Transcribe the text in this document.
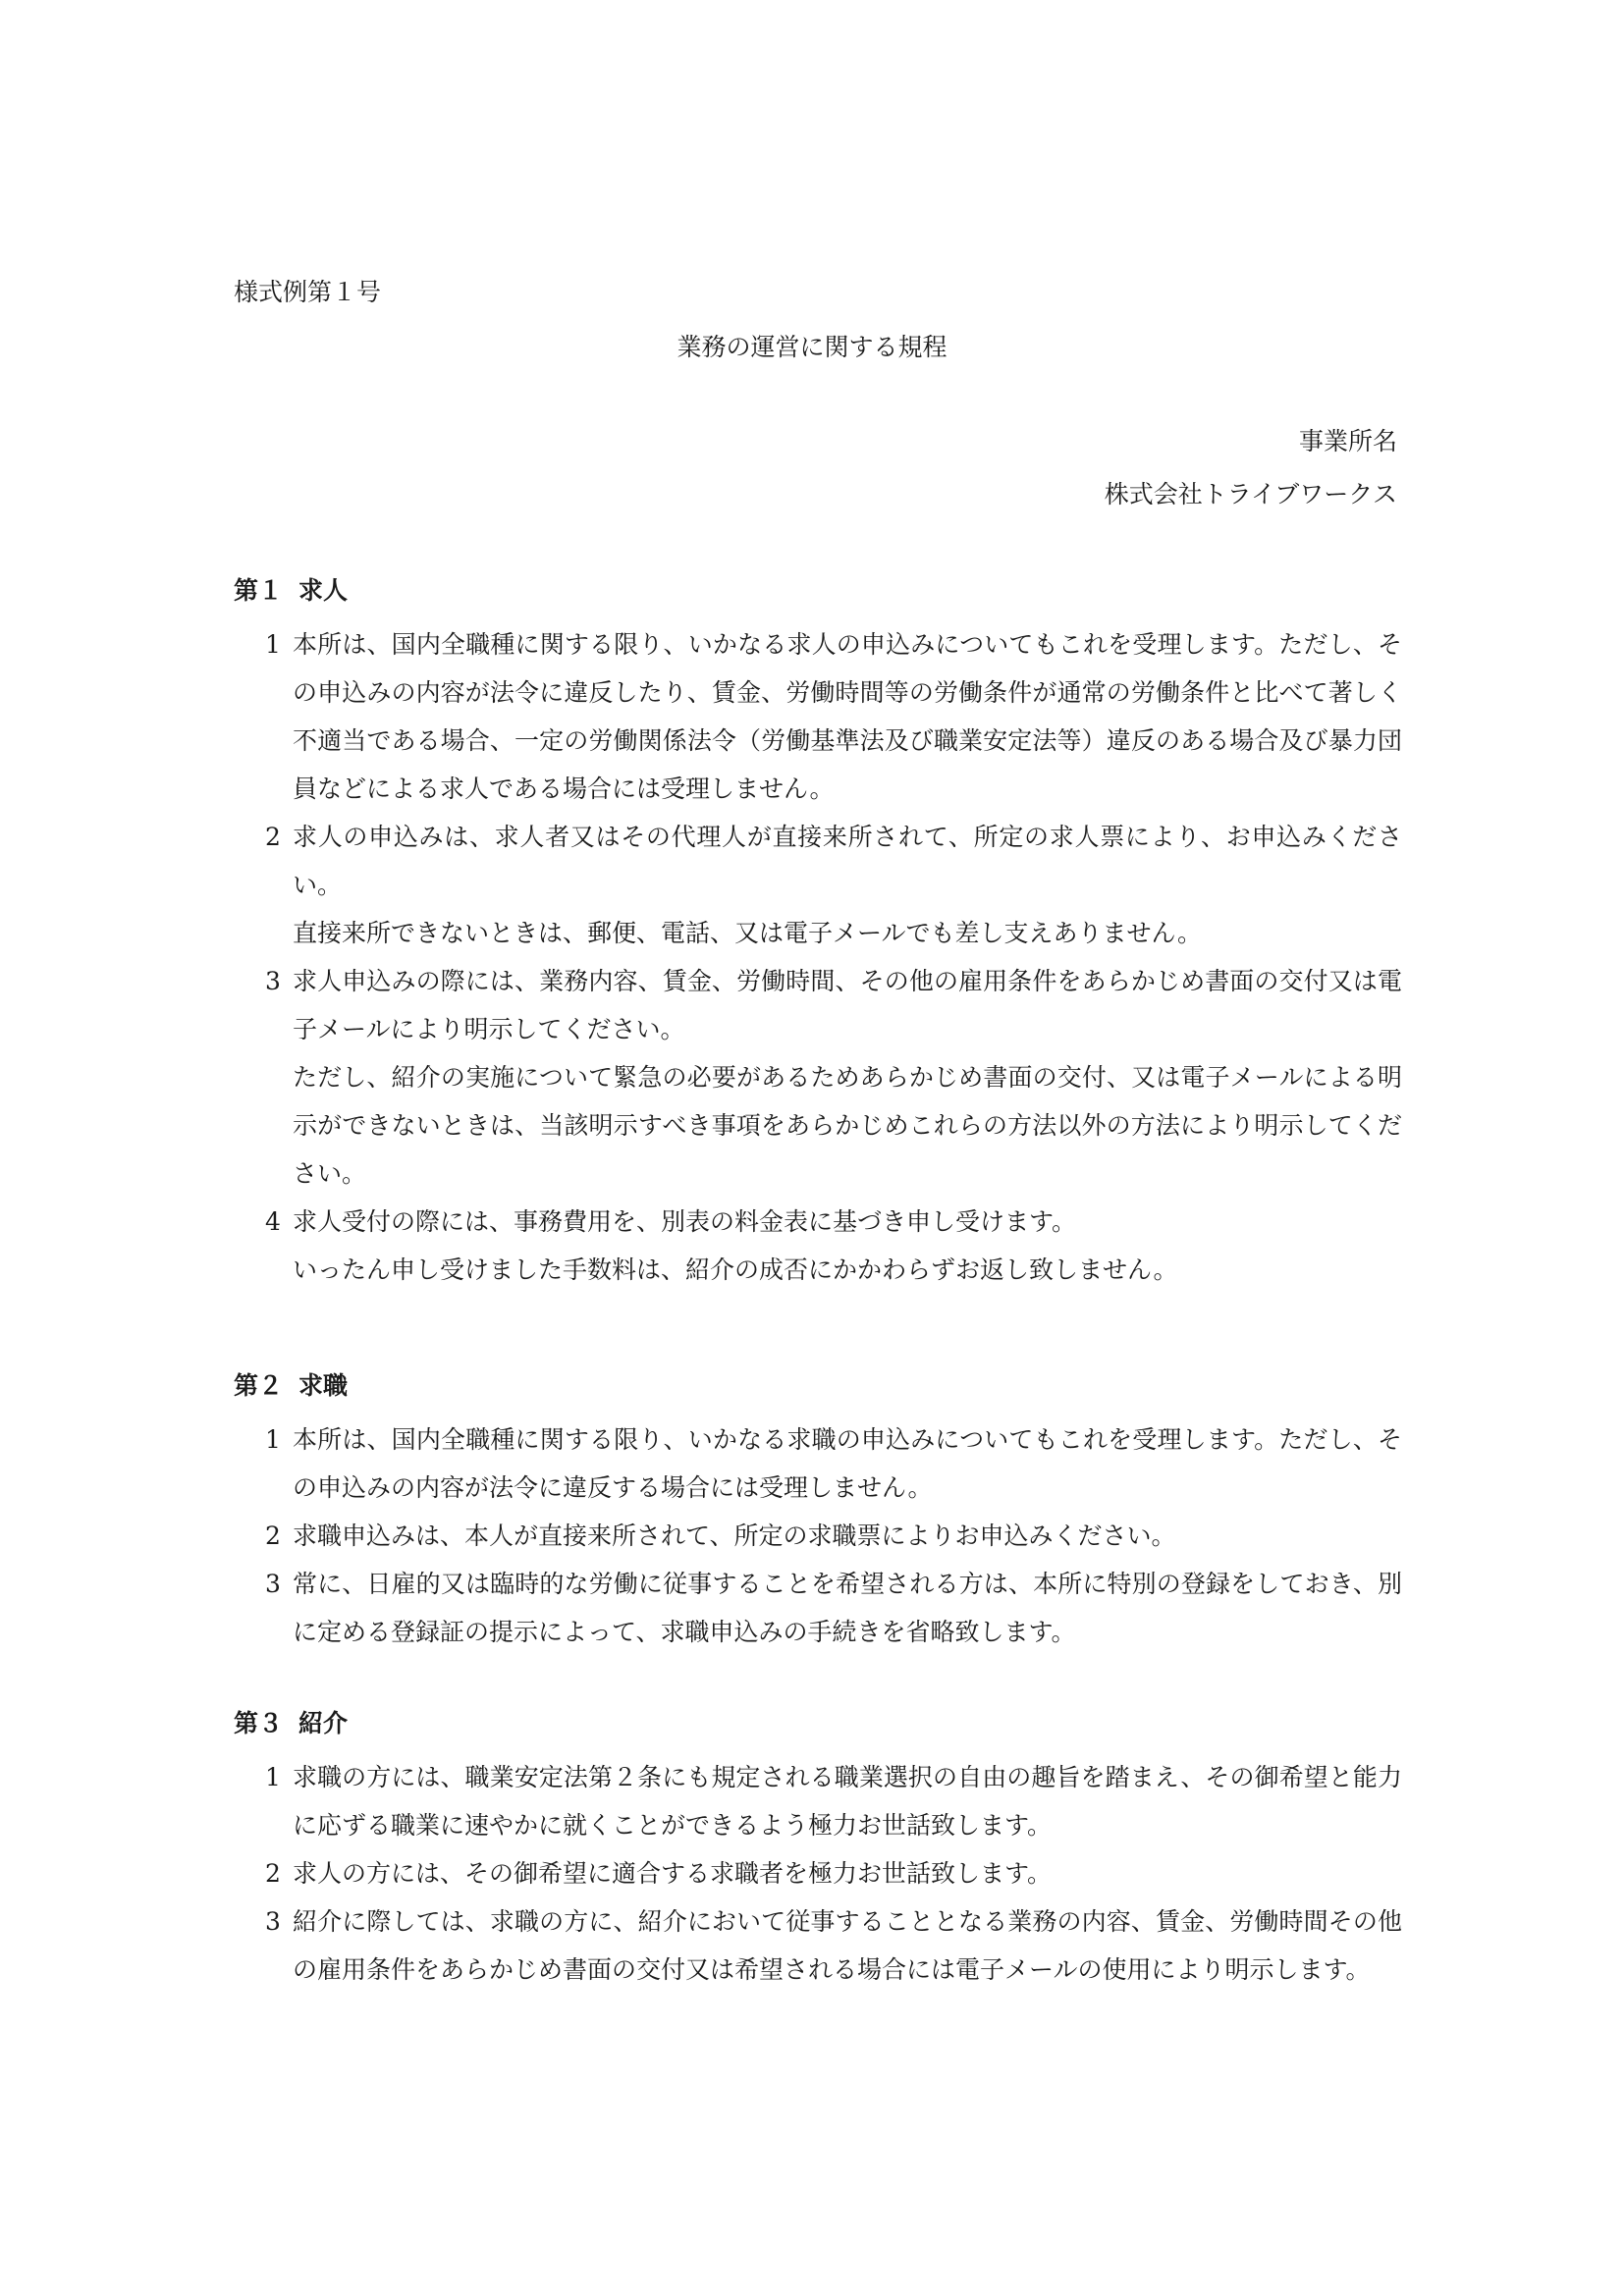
様式例第１号
業務の運営に関する規程
事業所名
株式会社トライブワークス
第１ 求人
1 本所は、国内全職種に関する限り、いかなる求人の申込みについてもこれを受理します。ただし、その申込みの内容が法令に違反したり、賃金、労働時間等の労働条件が通常の労働条件と比べて著しく不適当である場合、一定の労働関係法令（労働基準法及び職業安定法等）違反のある場合及び暴力団員などによる求人である場合には受理しません。

2 求人の申込みは、求人者又はその代理人が直接来所されて、所定の求人票により、お申込みください。

直接来所できないときは、郵便、電話、又は電子メールでも差し支えありません。

3 求人申込みの際には、業務内容、賃金、労働時間、その他の雇用条件をあらかじめ書面の交付又は電子メールにより明示してください。

ただし、紹介の実施について緊急の必要があるためあらかじめ書面の交付、又は電子メールによる明示ができないときは、当該明示すべき事項をあらかじめこれらの方法以外の方法により明示してください。

4 求人受付の際には、事務費用を、別表の料金表に基づき申し受けます。

いったん申し受けました手数料は、紹介の成否にかかわらずお返し致しません。

第２ 求職
1 本所は、国内全職種に関する限り、いかなる求職の申込みについてもこれを受理します。ただし、その申込みの内容が法令に違反する場合には受理しません。

2 求職申込みは、本人が直接来所されて、所定の求職票によりお申込みください。

3 常に、日雇的又は臨時的な労働に従事することを希望される方は、本所に特別の登録をしておき、別に定める登録証の提示によって、求職申込みの手続きを省略致します。

第３ 紹介
1 求職の方には、職業安定法第２条にも規定される職業選択の自由の趣旨を踏まえ、その御希望と能力に応ずる職業に速やかに就くことができるよう極力お世話致します。

2 求人の方には、その御希望に適合する求職者を極力お世話致します。

3 紹介に際しては、求職の方に、紹介において従事することとなる業務の内容、賃金、労働時間その他の雇用条件をあらかじめ書面の交付又は希望される場合には電子メールの使用により明示します。
